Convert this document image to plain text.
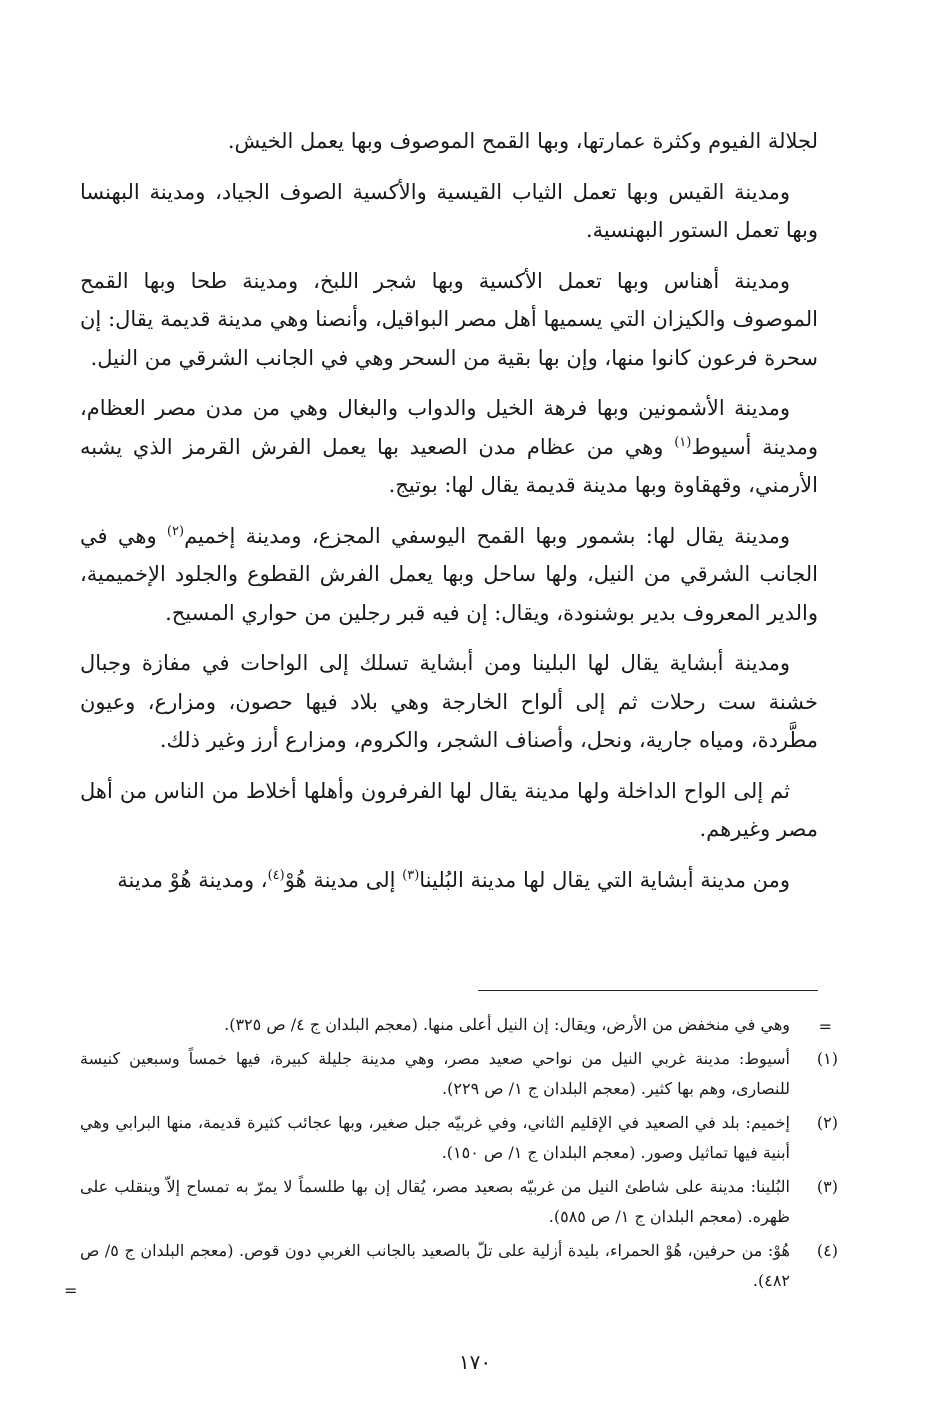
لجلالة الفيوم وكثرة عمارتها، وبها القمح الموصوف وبها يعمل الخيش.

ومدينة القيس وبها تعمل الثياب القيسية والأكسية الصوف الجياد، ومدينة البهنسا وبها تعمل الستور البهنسية.

ومدينة أهناس وبها تعمل الأكسية وبها شجر اللبخ، ومدينة طحا وبها القمح الموصوف والكيزان التي يسميها أهل مصر البواقيل، وأنصنا وهي مدينة قديمة يقال: إن سحرة فرعون كانوا منها، وإن بها بقية من السحر وهي في الجانب الشرقي من النيل.

ومدينة الأشمونين وبها فرهة الخيل والدواب والبغال وهي من مدن مصر العظام، ومدينة أسيوط$^{(١)}$ وهي من عظام مدن الصعيد بها يعمل الفرش القرمز الذي يشبه الأرمني، وقهقاوة وبها مدينة قديمة يقال لها: بوتيج.

ومدينة يقال لها: بشمور وبها القمح اليوسفي المجزع، ومدينة إخميم$^{(٢)}$ وهي في الجانب الشرقي من النيل، ولها ساحل وبها يعمل الفرش القطوع والجلود الإخميمية، والدير المعروف بدير بوشنودة، ويقال: إن فيه قبر رجلين من حواري المسيح.

ومدينة أبشاية يقال لها البلينا ومن أبشاية تسلك إلى الواحات في مفازة وجبال خشنة ست رحلات ثم إلى ألواح الخارجة وهي بلاد فيها حصون، ومزارع، وعيون مطَّردة، ومياه جارية، ونحل، وأصناف الشجر، والكروم، ومزارع أرز وغير ذلك.

ثم إلى الواح الداخلة ولها مدينة يقال لها الفرفرون وأهلها أخلاط من الناس من أهل مصر وغيرهم.

ومن مدينة أبشاية التي يقال لها مدينة البُلينا$^{(٣)}$ إلى مدينة هُوْ$^{(٤)}$، ومدينة هُوْ مدينة

=
وهي في منخفض من الأرض، ويقال: إن النيل أعلى منها. (معجم البلدان ج ٤/ ص ٣٢٥).
(١)
أسيوط: مدينة غربي النيل من نواحي صعيد مصر، وهي مدينة جليلة كبيرة، فيها خمساً وسبعين كنيسة للنصارى، وهم بها كثير. (معجم البلدان ج ١/ ص ٢٢٩).
(٢)
إخميم: بلد في الصعيد في الإقليم الثاني، وفي غربيّه جبل صغير، وبها عجائب كثيرة قديمة، منها البرابي وهي أبنية فيها تماثيل وصور. (معجم البلدان ج ١/ ص ١٥٠).
(٣)
البُلينا: مدينة على شاطئ النيل من غربيّه بصعيد مصر، يُقال إن بها طلسماً لا يمرّ به تمساح إلاّ وينقلب على ظهره. (معجم البلدان ج ١/ ص ٥٨٥).
(٤)
هُوْ: من حرفين، هُوْ الحمراء، بليدة أزلية على تلّ بالصعيد بالجانب الغربي دون قوص. (معجم البلدان ج ٥/ ص ٤٨٢).
=
١٧٠
